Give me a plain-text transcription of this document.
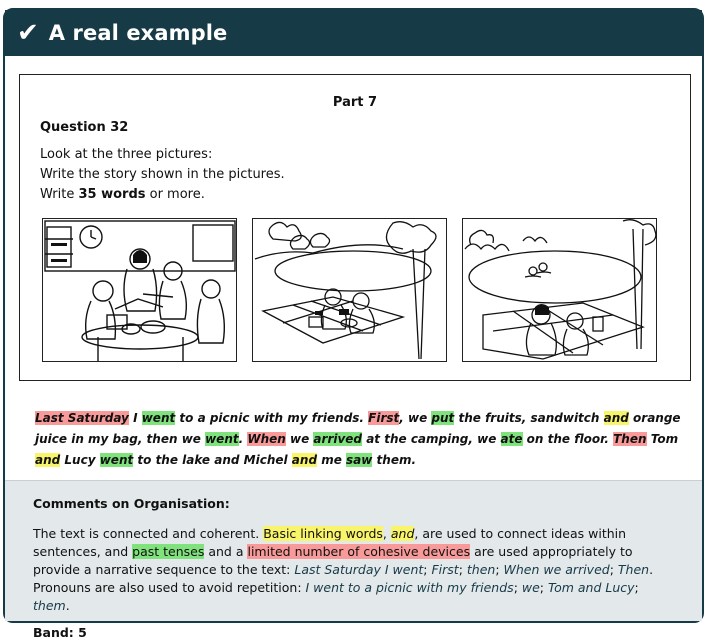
✔ A real example
Part 7
Question 32
Look at the three pictures:
Write the story shown in the pictures.
Write 35 words or more.
Last Saturday I went to a picnic with my friends. First, we put the fruits, sandwitch and orange juice in my bag, then we went. When we arrived at the camping, we ate on the floor. Then Tom and Lucy went to the lake and Michel and me saw them.
Comments on Organisation:
The text is connected and coherent. Basic linking words, and, are used to connect ideas within sentences, and past tenses and a limited number of cohesive devices are used appropriately to provide a narrative sequence to the text: Last Saturday I went; First; then; When we arrived; Then. Pronouns are also used to avoid repetition: I went to a picnic with my friends; we; Tom and Lucy; them.
Band: 5
